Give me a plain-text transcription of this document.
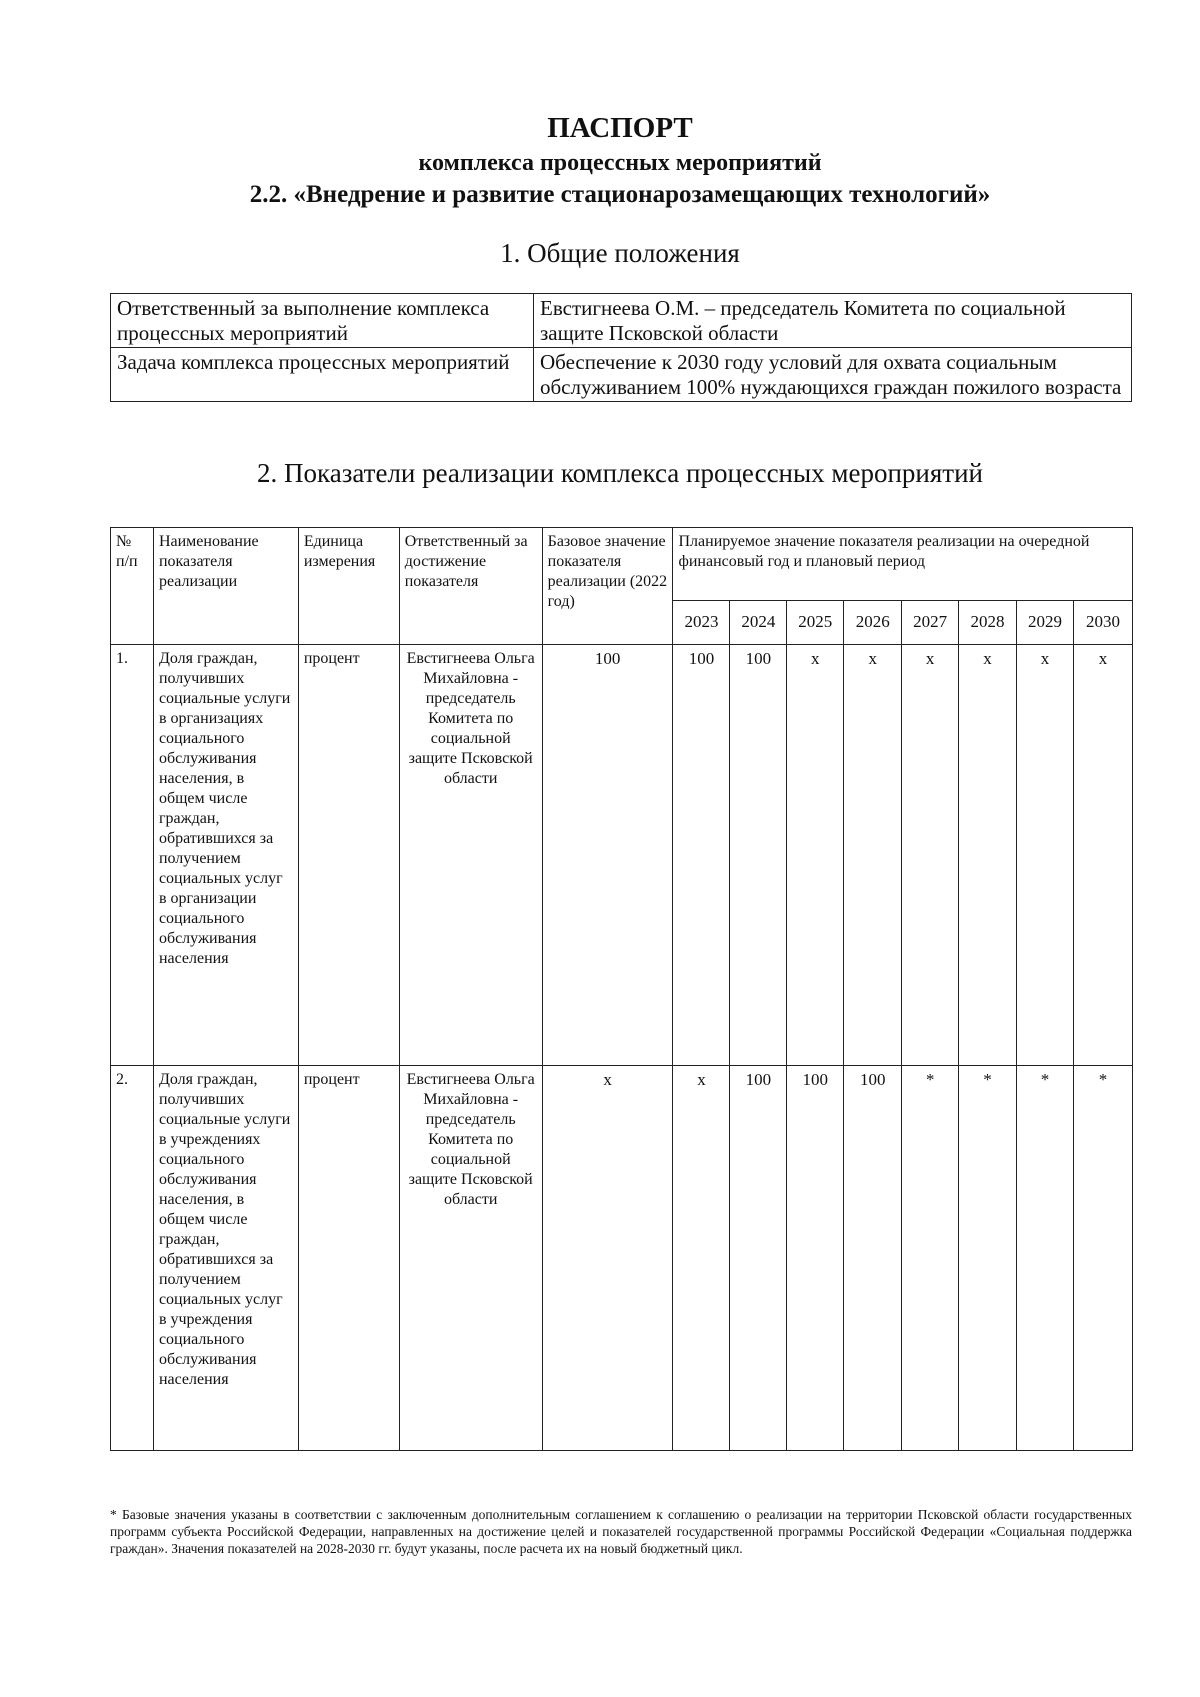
ПАСПОРТ
комплекса процессных мероприятий
2.2. «Внедрение и развитие стационарозамещающих технологий»
1. Общие положения
Ответственный за выполнение комплекса процессных мероприятий	Евстигнеева О.М. – председатель Комитета по социальной защите Псковской области
Задача комплекса процессных мероприятий	Обеспечение к 2030 году условий для охвата социальным обслуживанием 100% нуждающихся граждан пожилого возраста
2. Показатели реализации комплекса процессных мероприятий
№ п/п	Наименование показателя реализации	Единица измерения	Ответственный за достижение показателя	Базовое значение показателя реализации (2022 год)	Планируемое значение показателя реализации на очередной финансовый год и плановый период							
					2023	2024	2025	2026	2027	2028	2029	2030
1.	Доля граждан, получивших социальные услуги в организациях социального обслуживания населения, в общем числе граждан, обратившихся за получением социальных услуг в организации социального обслуживания населения	процент	Евстигнеева Ольга Михайловна - председатель Комитета по социальной защите Псковской области	100	100	100	х	х	х	х	х	х
2.	Доля граждан, получивших социальные услуги в учреждениях социального обслуживания населения, в общем числе граждан, обратившихся за получением социальных услуг в учреждения социального обслуживания населения	процент	Евстигнеева Ольга Михайловна - председатель Комитета по социальной защите Псковской области	х	х	100	100	100	*	*	*	*
* Базовые значения указаны в соответствии с заключенным дополнительным соглашением к соглашению о реализации на территории Псковской области государственных программ субъекта Российской Федерации, направленных на достижение целей и показателей государственной программы Российской Федерации «Социальная поддержка граждан». Значения показателей на 2028-2030 гг. будут указаны, после расчета их на новый бюджетный цикл.
